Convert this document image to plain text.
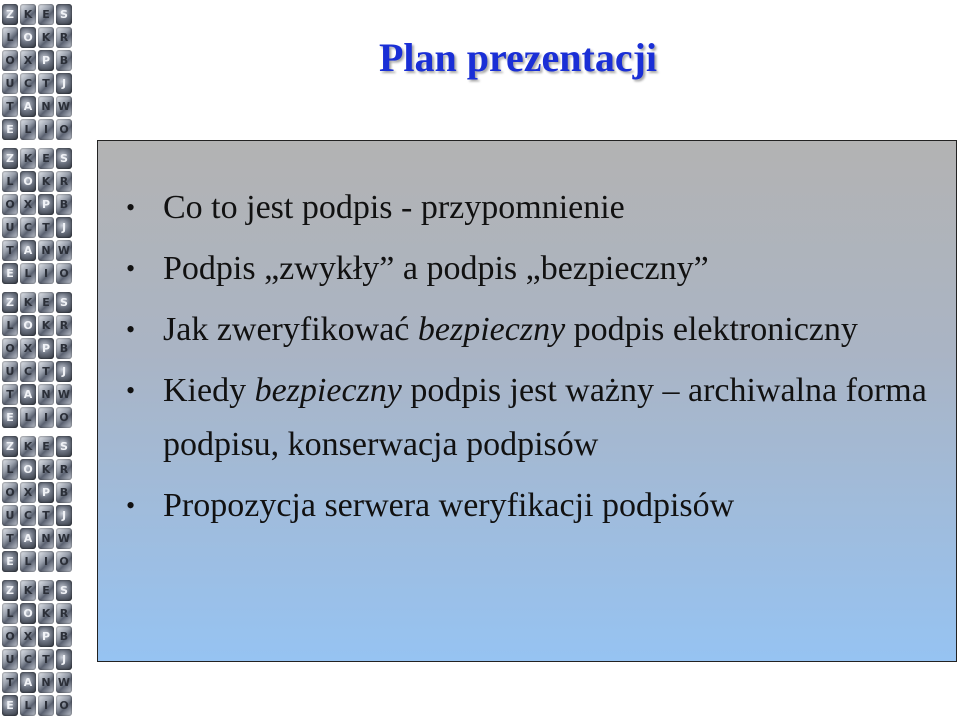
Z K E S
L O K R
O X P B
U C T	J
T A N W
E L	I	O
Z K E S
L O K R
O X P B
U C T	J
T A N W
E L	I	O
Z K E S
L O K R
O X P B
U C T	J
T A N W
E L	I	O
Z K E S
L O K R
O X P B
U C T	J
T A N W
E L	I	O
Z K E S
L O K R
O X P B
U C T	J
T A N W
E L	I	O
Plan prezentacji
• Co to jest podpis - przypomnienie
• Podpis „zwykły” a podpis „bezpieczny”
• Jak zweryfikować bezpieczny podpis elektroniczny
• Kiedy bezpieczny podpis jest ważny – archiwalna forma podpisu, konserwacja podpisów
• Propozycja serwera weryfikacji podpisów
